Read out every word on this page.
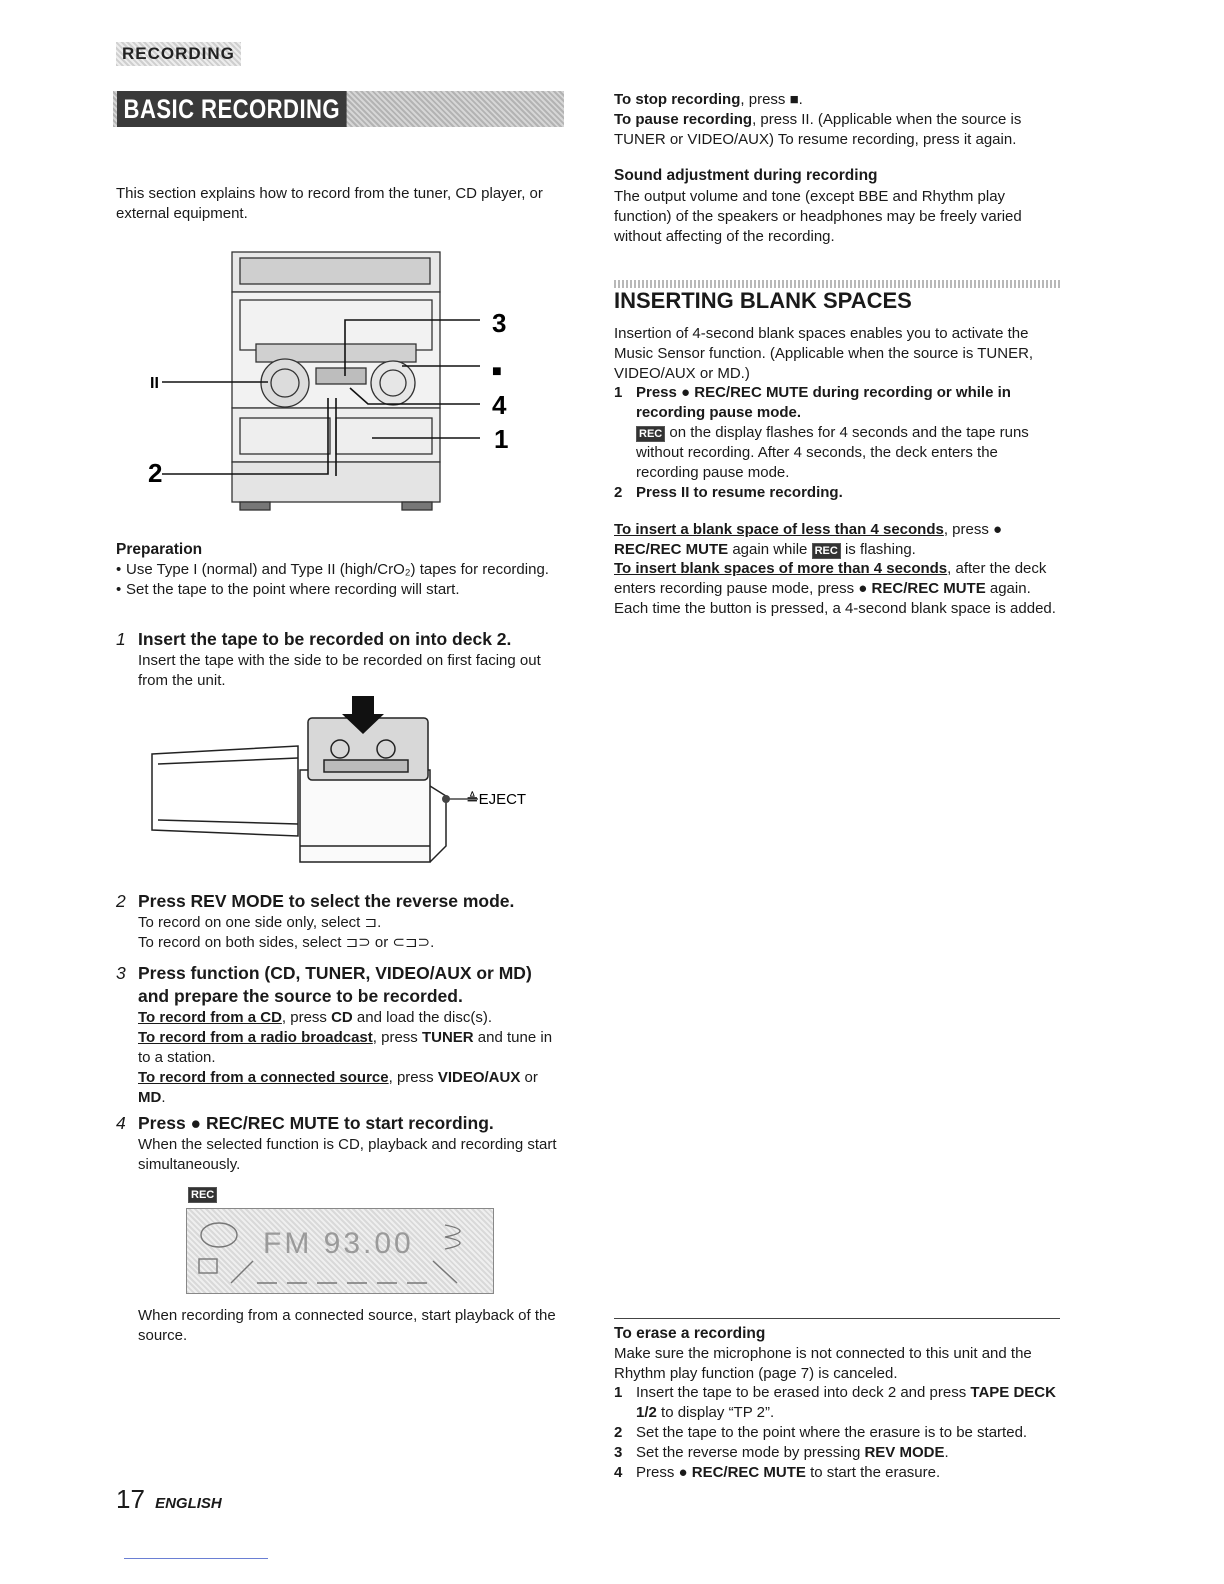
RECORDING
BASIC RECORDING

This section explains how to record from the tuner, CD player, or external equipment.

II
2
3
■
4
1
Preparation
• Use Type I (normal) and Type II (high/CrO₂) tapes for recording.
• Set the tape to the point where recording will start.
1 Insert the tape to be recorded on into deck 2.
Insert the tape with the side to be recorded on first facing out from the unit.
≜EJECT
2 Press REV MODE to select the reverse mode.
To record on one side only, select ⊐.
To record on both sides, select ⊐⊃ or ⊂⊐⊃.
3 Press function (CD, TUNER, VIDEO/AUX or MD)
and prepare the source to be recorded.
To record from a CD, press CD and load the disc(s).
To record from a radio broadcast, press TUNER and tune in to a station.
To record from a connected source, press VIDEO/AUX or MD.
4 Press ● REC/REC MUTE to start recording.
When the selected function is CD, playback and recording start simultaneously.
REC
FM 93.00

When recording from a connected source, start playback of the source.

To stop recording, press ■.
To pause recording, press II. (Applicable when the source is TUNER or VIDEO/AUX) To resume recording, press it again.
Sound adjustment during recording

The output volume and tone (except BBE and Rhythm play function) of the speakers or headphones may be freely varied without affecting of the recording.

INSERTING BLANK SPACES

Insertion of 4-second blank spaces enables you to activate the Music Sensor function. (Applicable when the source is TUNER, VIDEO/AUX or MD.)

1 Press ● REC/REC MUTE during recording or while in recording pause mode.
REC on the display flashes for 4 seconds and the tape runs without recording. After 4 seconds, the deck enters the recording pause mode.
2 Press II to resume recording.
To insert a blank space of less than 4 seconds, press ● REC/REC MUTE again while REC is flashing.
To insert blank spaces of more than 4 seconds, after the deck enters recording pause mode, press ● REC/REC MUTE again. Each time the button is pressed, a 4-second blank space is added.
To erase a recording

Make sure the microphone is not connected to this unit and the Rhythm play function (page 7) is canceled.

1 Insert the tape to be erased into deck 2 and press TAPE DECK 1/2 to display “TP 2”.
2 Set the tape to the point where the erasure is to be started.
3 Set the reverse mode by pressing REV MODE.
4 Press ● REC/REC MUTE to start the erasure.
17 ENGLISH
